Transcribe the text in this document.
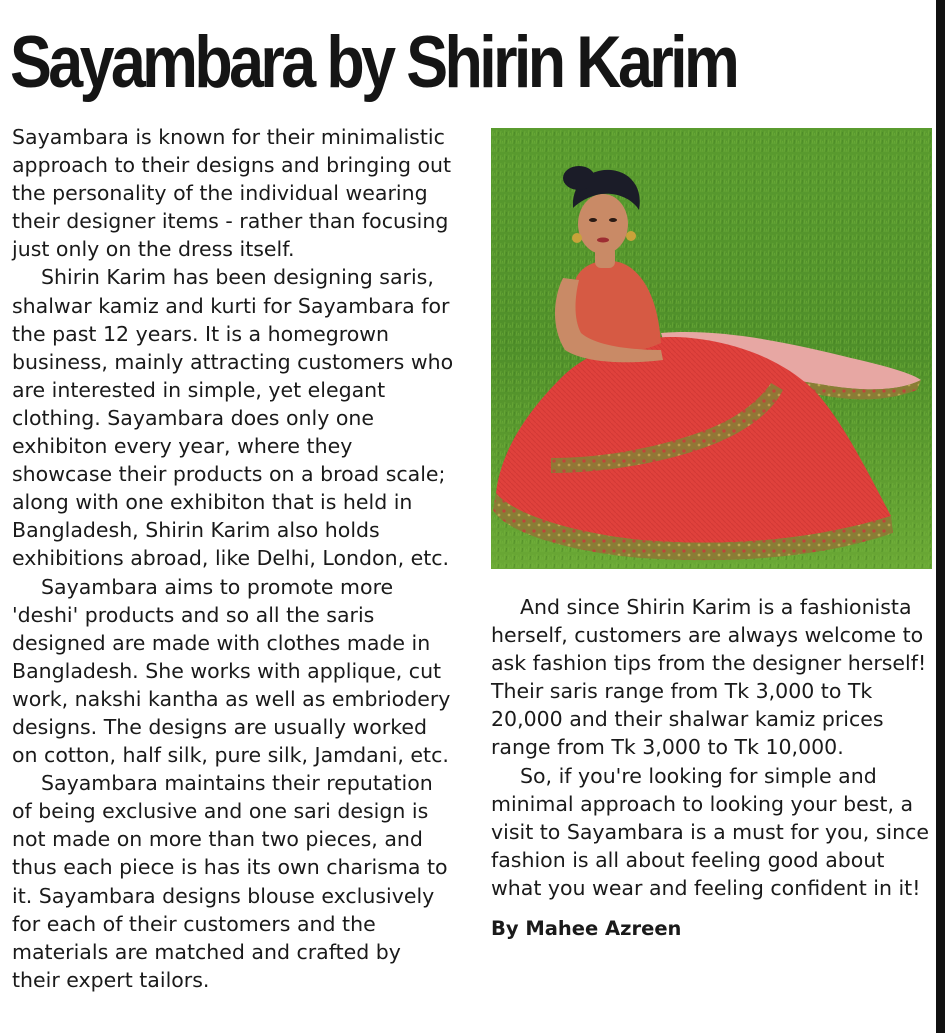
Sayambara by Shirin Karim

Sayambara is known for their minimalistic approach to their designs and bringing out the personality of the individual wearing their designer items - rather than focusing just only on the dress itself.

Shirin Karim has been designing saris, shalwar kamiz and kurti for Sayambara for the past 12 years. It is a homegrown business, mainly attracting customers who are interested in simple, yet elegant clothing. Sayambara does only one exhibiton every year, where they showcase their products on a broad scale; along with one exhibiton that is held in Bangladesh, Shirin Karim also holds exhibitions abroad, like Delhi, London, etc.

Sayambara aims to promote more 'deshi' products and so all the saris designed are made with clothes made in Bangladesh. She works with applique, cut work, nakshi kantha as well as embriodery designs. The designs are usually worked on cotton, half silk, pure silk, Jamdani, etc.

Sayambara maintains their reputation of being exclusive and one sari design is not made on more than two pieces, and thus each piece is has its own charisma to it. Sayambara designs blouse exclusively for each of their customers and the materials are matched and crafted by their expert tailors.

And since Shirin Karim is a fashionista herself, customers are always welcome to ask fashion tips from the designer herself! Their saris range from Tk 3,000 to Tk 20,000 and their shalwar kamiz prices range from Tk 3,000 to Tk 10,000.

So, if you're looking for simple and minimal approach to looking your best, a visit to Sayambara is a must for you, since fashion is all about feeling good about what you wear and feeling confident in it!

By Mahee Azreen
